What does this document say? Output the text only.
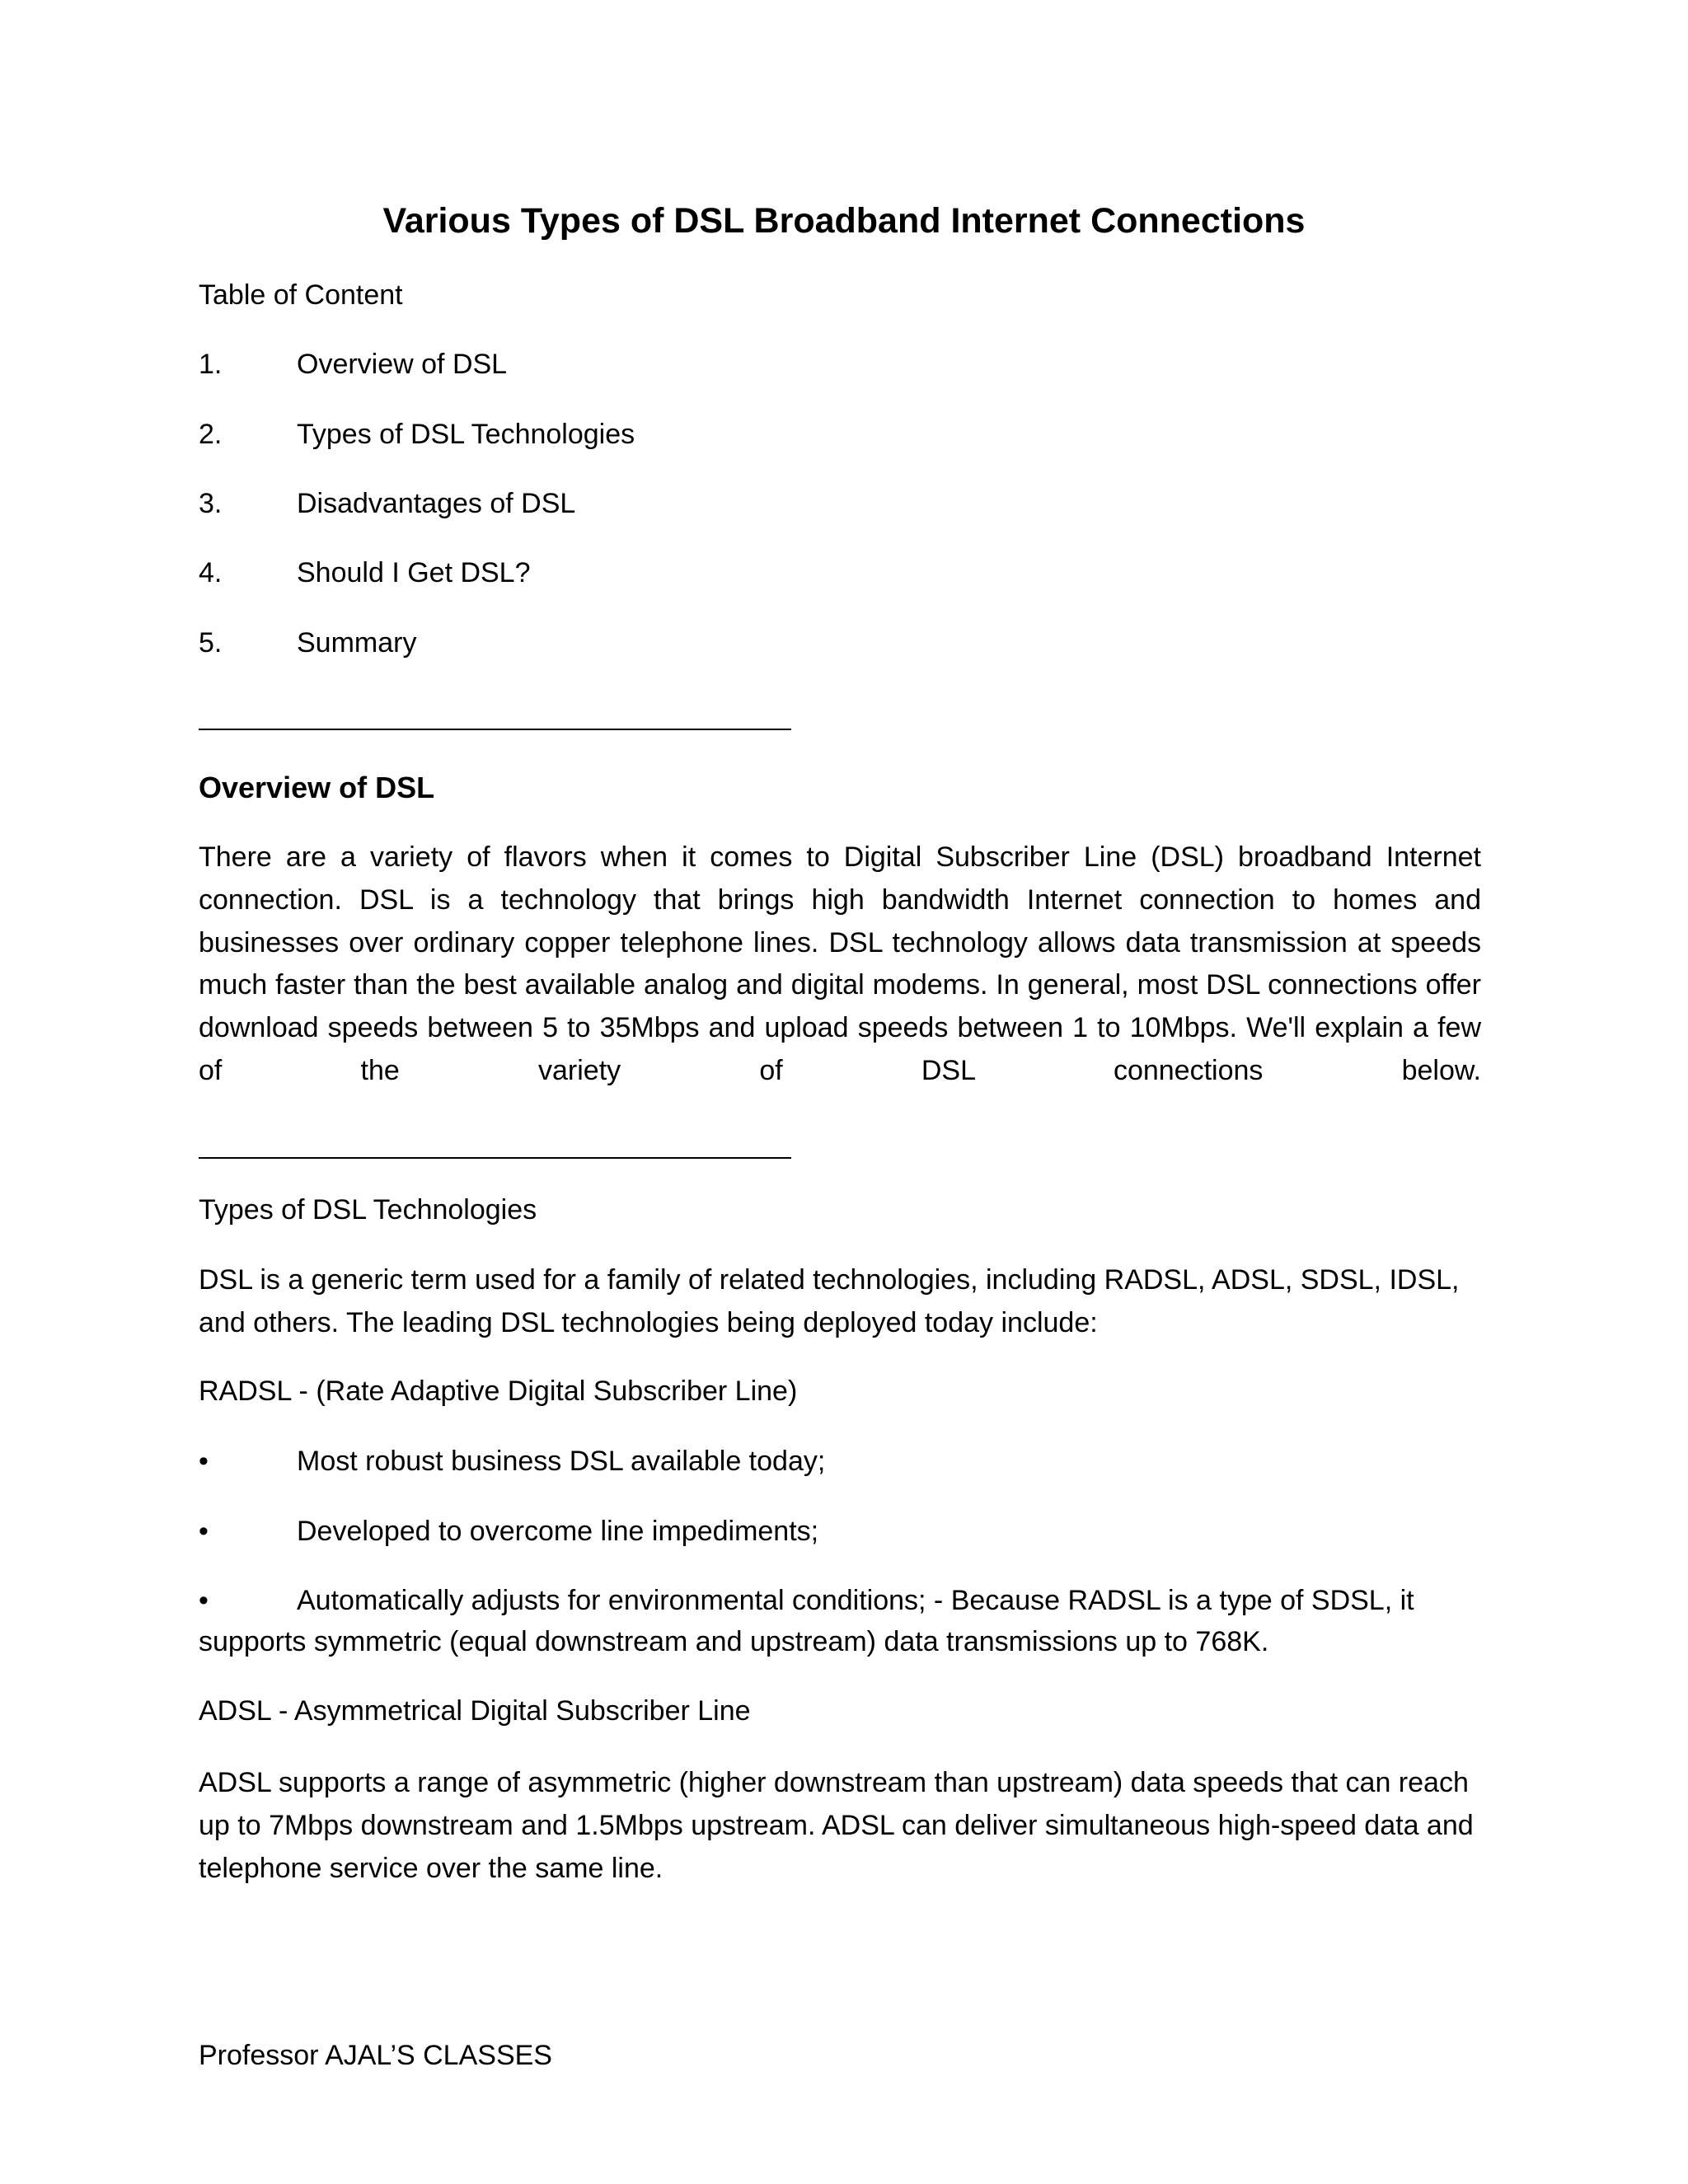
Various Types of DSL Broadband Internet Connections
Table of Content
1.	Overview of DSL
2.	Types of DSL Technologies
3.	Disadvantages of DSL
4.	Should I Get DSL?
5.	Summary
Overview of DSL
There are a variety of flavors when it comes to Digital Subscriber Line (DSL) broadband Internet connection. DSL is a technology that brings high bandwidth Internet connection to homes and businesses over ordinary copper telephone lines. DSL technology allows data transmission at speeds much faster than the best available analog and digital modems. In general, most DSL connections offer download speeds between 5 to 35Mbps and upload speeds between 1 to 10Mbps. We'll explain a few of the variety of DSL connections below.
Types of DSL Technologies
DSL is a generic term used for a family of related technologies, including RADSL, ADSL, SDSL, IDSL, and others. The leading DSL technologies being deployed today include:
RADSL - (Rate Adaptive Digital Subscriber Line)
•	Most robust business DSL available today;
•	Developed to overcome line impediments;
•	Automatically adjusts for environmental conditions; - Because RADSL is a type of SDSL, it
supports symmetric (equal downstream and upstream) data transmissions up to 768K.
ADSL - Asymmetrical Digital Subscriber Line
ADSL supports a range of asymmetric (higher downstream than upstream) data speeds that can reach up to 7Mbps downstream and 1.5Mbps upstream. ADSL can deliver simultaneous high-speed data and telephone service over the same line.
Professor AJAL’S CLASSES
